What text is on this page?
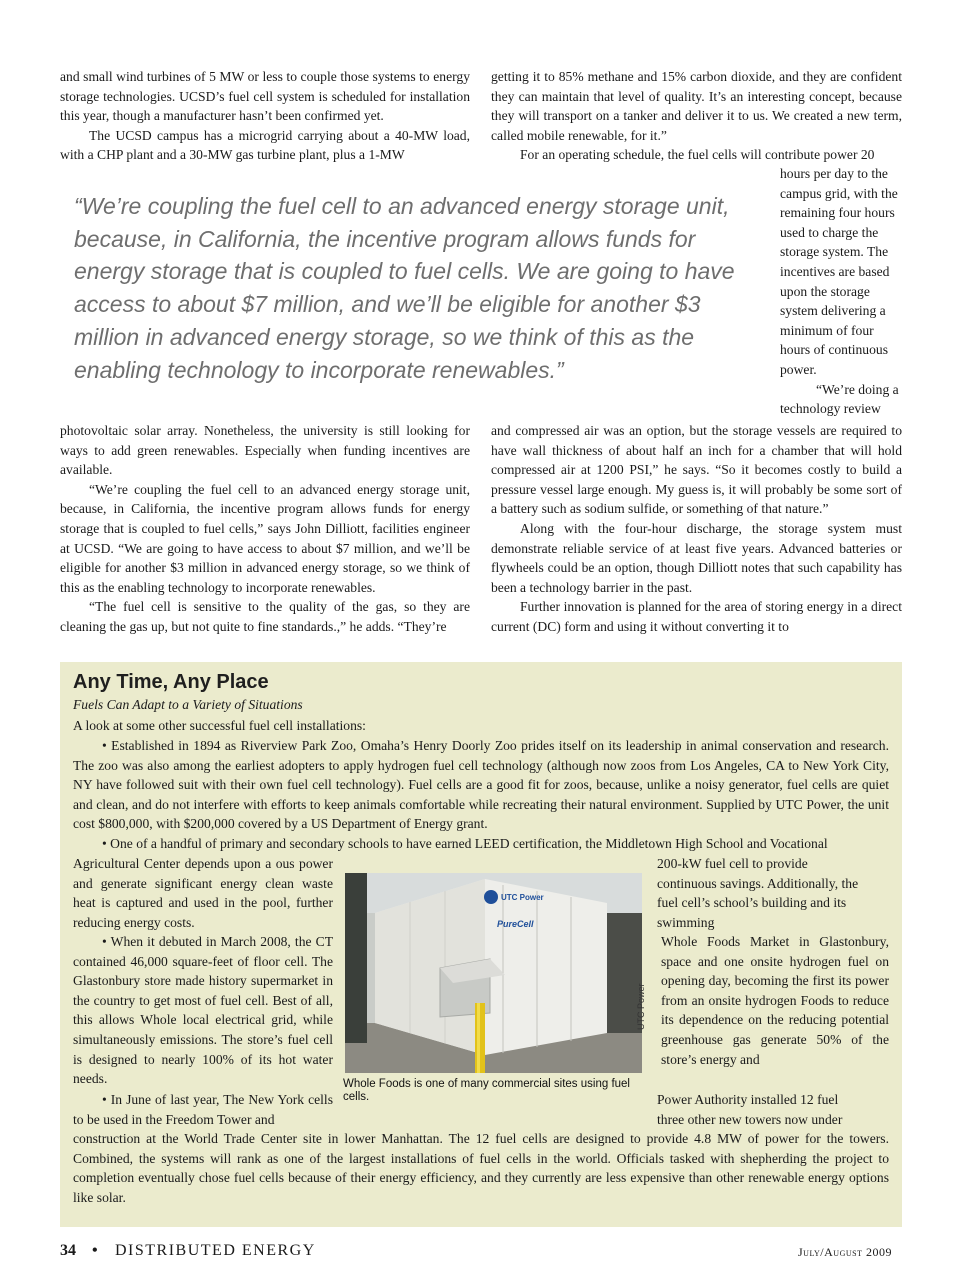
and small wind turbines of 5 MW or less to couple those systems to energy storage technologies. UCSD’s fuel cell system is scheduled for installation this year, though a manufacturer hasn’t been confirmed yet.

The UCSD campus has a microgrid carrying about a 40-MW load, with a CHP plant and a 30-MW gas turbine plant, plus a 1-MW

getting it to 85% methane and 15% carbon dioxide, and they are confident they can maintain that level of quality. It’s an interesting concept, because they will transport on a tanker and deliver it to us. We created a new term, called mobile renewable, for it.”

For an operating schedule, the fuel cells will contribute power 20

hours per day to the campus grid, with the remaining four hours used to charge the storage system. The incentives are based upon the storage system delivering a minimum of four hours of continuous power.

“We’re doing a technology review

“We’re coupling the fuel cell to an advanced energy storage unit, because, in California, the incentive program allows funds for energy storage that is coupled to fuel cells. We are going to have access to about $7 million, and we’ll be eligible for another $3 million in advanced energy storage, so we think of this as the enabling technology to incorporate renewables.”

photovoltaic solar array. Nonetheless, the university is still looking for ways to add green renewables. Especially when funding incentives are available.

“We’re coupling the fuel cell to an advanced energy storage unit, because, in California, the incentive program allows funds for energy storage that is coupled to fuel cells,” says John Dilliott, facilities engineer at UCSD. “We are going to have access to about $7 million, and we’ll be eligible for another $3 million in advanced energy storage, so we think of this as the enabling technology to incorporate renewables.

“The fuel cell is sensitive to the quality of the gas, so they are cleaning the gas up, but not quite to fine standards.,” he adds. “They’re

and compressed air was an option, but the storage vessels are required to have wall thickness of about half an inch for a chamber that will hold compressed air at 1200 PSI,” he says. “So it becomes costly to build a pressure vessel large enough. My guess is, it will probably be some sort of a battery such as sodium sulfide, or something of that nature.”

Along with the four-hour discharge, the storage system must demonstrate reliable service of at least five years. Advanced batteries or flywheels could be an option, though Dilliott notes that such capability has been a technology barrier in the past.

Further innovation is planned for the area of storing energy in a direct current (DC) form and using it without converting it to

Any Time, Any Place
Fuels Can Adapt to a Variety of Situations
A look at some other successful fuel cell installations:
• Established in 1894 as Riverview Park Zoo, Omaha’s Henry Doorly Zoo prides itself on its leadership in animal conservation and research. The zoo was also among the earliest adopters to apply hydrogen fuel cell technology (although now zoos from Los Angeles, CA to New York City, NY have followed suit with their own fuel cell technology). Fuel cells are a good fit for zoos, because, unlike a noisy generator, fuel cells are quiet and clean, and do not interfere with efforts to keep animals comfortable while recreating their natural environment. Supplied by UTC Power, the unit cost $800,000, with $200,000 covered by a US Department of Energy grant.
• One of a handful of primary and secondary schools to have earned LEED certification, the Middletown High School and Vocational
Agricultural Center depends upon a ous power and generate significant energy clean waste heat is captured and used in the pool, further reducing energy costs.
200-kW fuel cell to provide continuous savings. Additionally, the fuel cell’s school’s building and its swimming
• When it debuted in March 2008, the CT contained 46,000 square-feet of floor cell. The Glastonbury store made history supermarket in the country to get most of fuel cell. Best of all, this allows Whole local electrical grid, while simultaneously emissions. The store’s fuel cell is designed to nearly 100% of its hot water needs.
Whole Foods Market in Glastonbury, space and one onsite hydrogen fuel on opening day, becoming the first its power from an onsite hydrogen Foods to reduce its dependence on the reducing potential greenhouse gas generate 50% of the store’s energy and
• In June of last year, The New York cells to be used in the Freedom Tower and
Power Authority installed 12 fuel three other new towers now under
construction at the World Trade Center site in lower Manhattan. The 12 fuel cells are designed to provide 4.8 MW of power for the towers. Combined, the systems will rank as one of the largest installations of fuel cells in the world. Officials tasked with shepherding the project to completion eventually chose fuel cells because of their energy efficiency, and they currently are less expensive than other renewable energy options like solar.
UTC Power
PureCell
Whole Foods is one of many commercial sites using fuel cells.
UTC Power
34 • DISTRIBUTED ENERGY	July/August 2009
